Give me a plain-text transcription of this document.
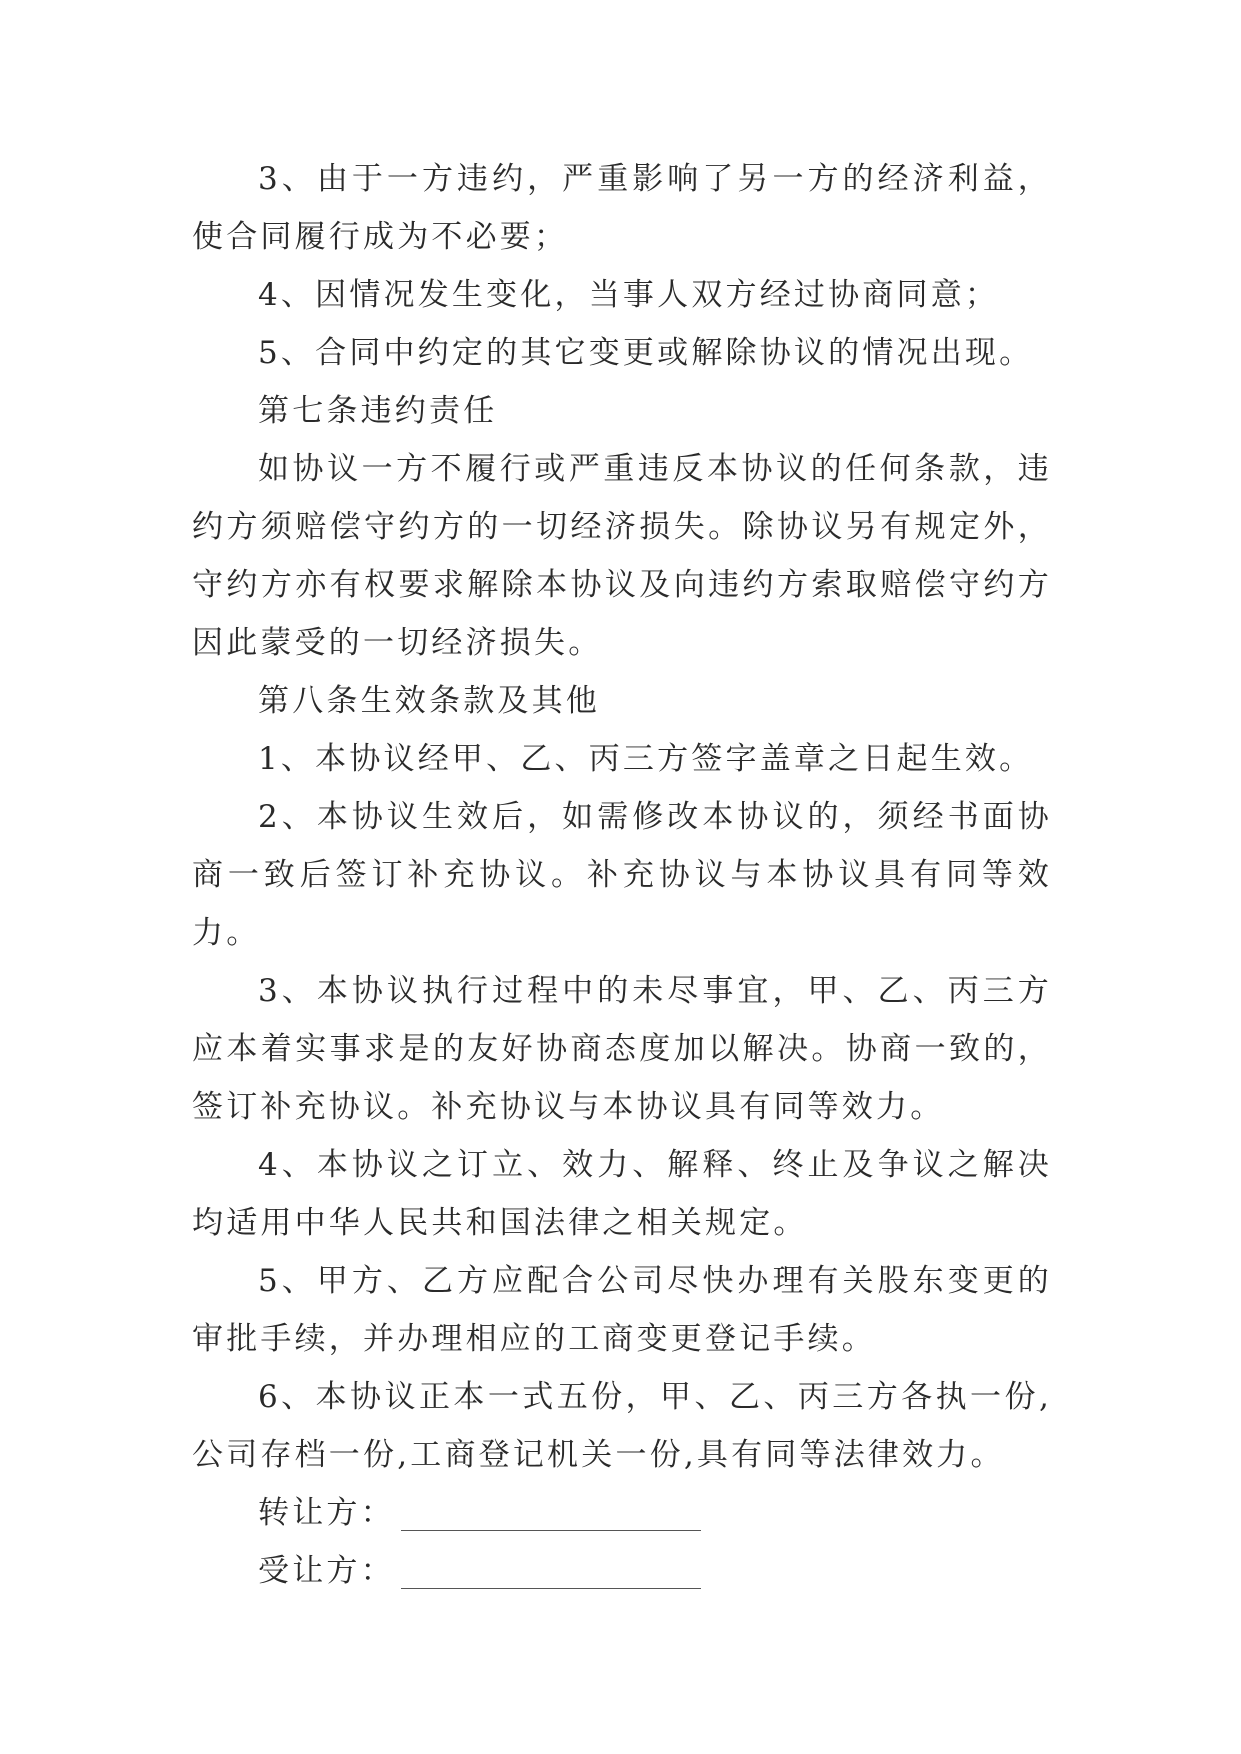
3、由于一方违约，严重影响了另一方的经济利益，使合同履行成为不必要；

4、因情况发生变化，当事人双方经过协商同意；

5、合同中约定的其它变更或解除协议的情况出现。

第七条违约责任

如协议一方不履行或严重违反本协议的任何条款，违约方须赔偿守约方的一切经济损失。除协议另有规定外，守约方亦有权要求解除本协议及向违约方索取赔偿守约方因此蒙受的一切经济损失。

第八条生效条款及其他

1、本协议经甲、乙、丙三方签字盖章之日起生效。

2、本协议生效后，如需修改本协议的，须经书面协商一致后签订补充协议。补充协议与本协议具有同等效力。

3、本协议执行过程中的未尽事宜，甲、乙、丙三方应本着实事求是的友好协商态度加以解决。协商一致的，签订补充协议。补充协议与本协议具有同等效力。

4、本协议之订立、效力、解释、终止及争议之解决均适用中华人民共和国法律之相关规定。

5、甲方、乙方应配合公司尽快办理有关股东变更的审批手续，并办理相应的工商变更登记手续。

6、本协议正本一式五份，甲、乙、丙三方各执一份,公司存档一份,工商登记机关一份,具有同等法律效力。

转让方：

受让方：
